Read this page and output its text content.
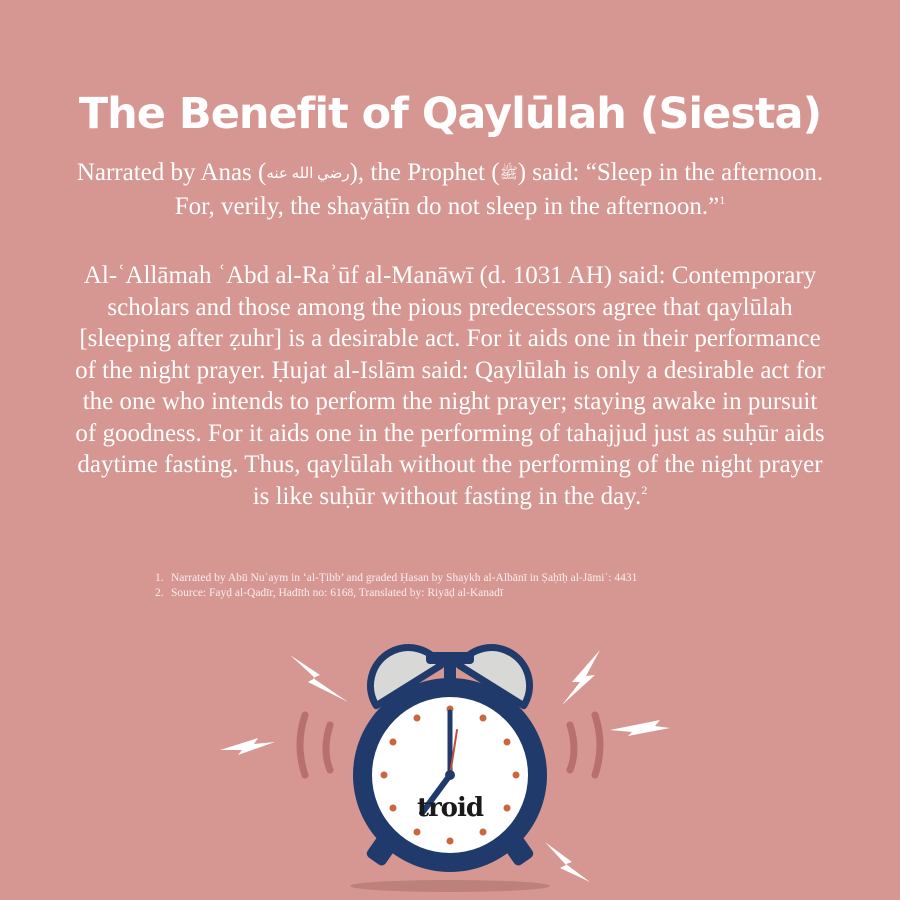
The Benefit of Qaylūlah (Siesta)

Narrated by Anas (رضي الله عنه), the Prophet (ﷺ) said: “Sleep in the afternoon. For, verily, the shayāṭīn do not sleep in the afternoon.”$^1$

Al-ʿAllāmah ʿAbd al-Raʾūf al-Manāwī (d. 1031 AH) said: Contemporary scholars and those among the pious predecessors agree that qaylūlah [sleeping after ẓuhr] is a desirable act. For it aids one in their performance of the night prayer. Ḥujat al-Islām said: Qaylūlah is only a desirable act for the one who intends to perform the night prayer; staying awake in pursuit of goodness. For it aids one in the performing of tahajjud just as suḥūr aids daytime fasting. Thus, qaylūlah without the performing of the night prayer is like suḥūr without fasting in the day.$^2$

1. Narrated by Abū Nuʿaym in ‘al-Ṭibb’ and graded Ḥasan by Shaykh al-Albānī in Ṣaḥīḥ al-Jāmiʿ: 4431
2. Source: Fayḍ al-Qadīr, Hadīth no: 6168, Translated by: Riyāḍ al-Kanadī
troid
